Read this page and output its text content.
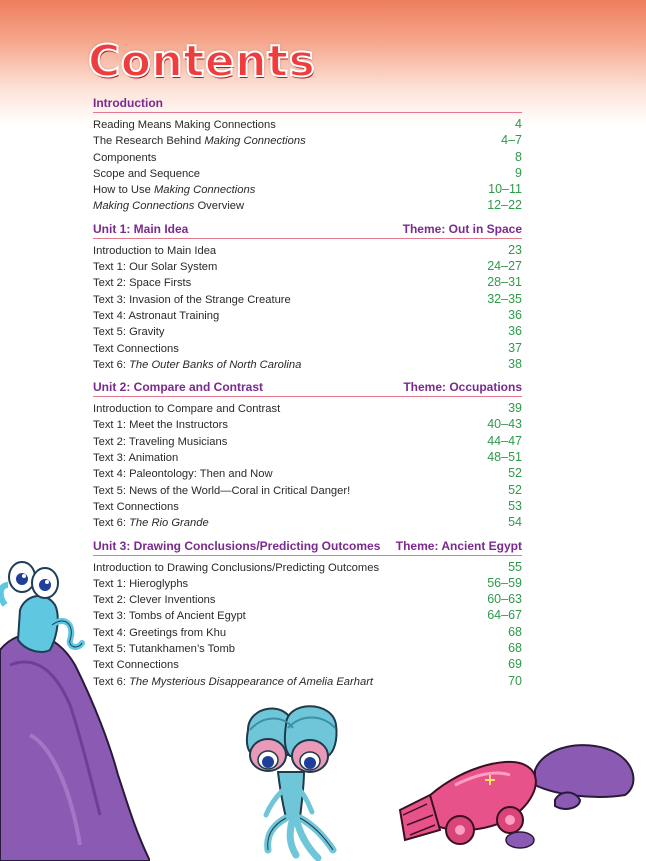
Contents
Introduction
Reading Means Making Connections	4
The Research Behind Making Connections	4–7
Components	8
Scope and Sequence	9
How to Use Making Connections	10–11
Making Connections Overview	12–22
Unit 1: Main Idea	Theme: Out in Space
Introduction to Main Idea	23
Text 1: Our Solar System	24–27
Text 2: Space Firsts	28–31
Text 3: Invasion of the Strange Creature	32–35
Text 4: Astronaut Training	36
Text 5: Gravity	36
Text Connections	37
Text 6: The Outer Banks of North Carolina	38
Unit 2: Compare and Contrast	Theme: Occupations
Introduction to Compare and Contrast	39
Text 1: Meet the Instructors	40–43
Text 2: Traveling Musicians	44–47
Text 3: Animation	48–51
Text 4: Paleontology: Then and Now	52
Text 5: News of the World—Coral in Critical Danger!	52
Text Connections	53
Text 6: The Rio Grande	54
Unit 3: Drawing Conclusions/Predicting Outcomes Theme: Ancient Egypt
Introduction to Drawing Conclusions/Predicting Outcomes	55
Text 1: Hieroglyphs	56–59
Text 2: Clever Inventions	60–63
Text 3: Tombs of Ancient Egypt	64–67
Text 4: Greetings from Khu	68
Text 5: Tutankhamen’s Tomb	68
Text Connections	69
Text 6: The Mysterious Disappearance of Amelia Earhart	70
